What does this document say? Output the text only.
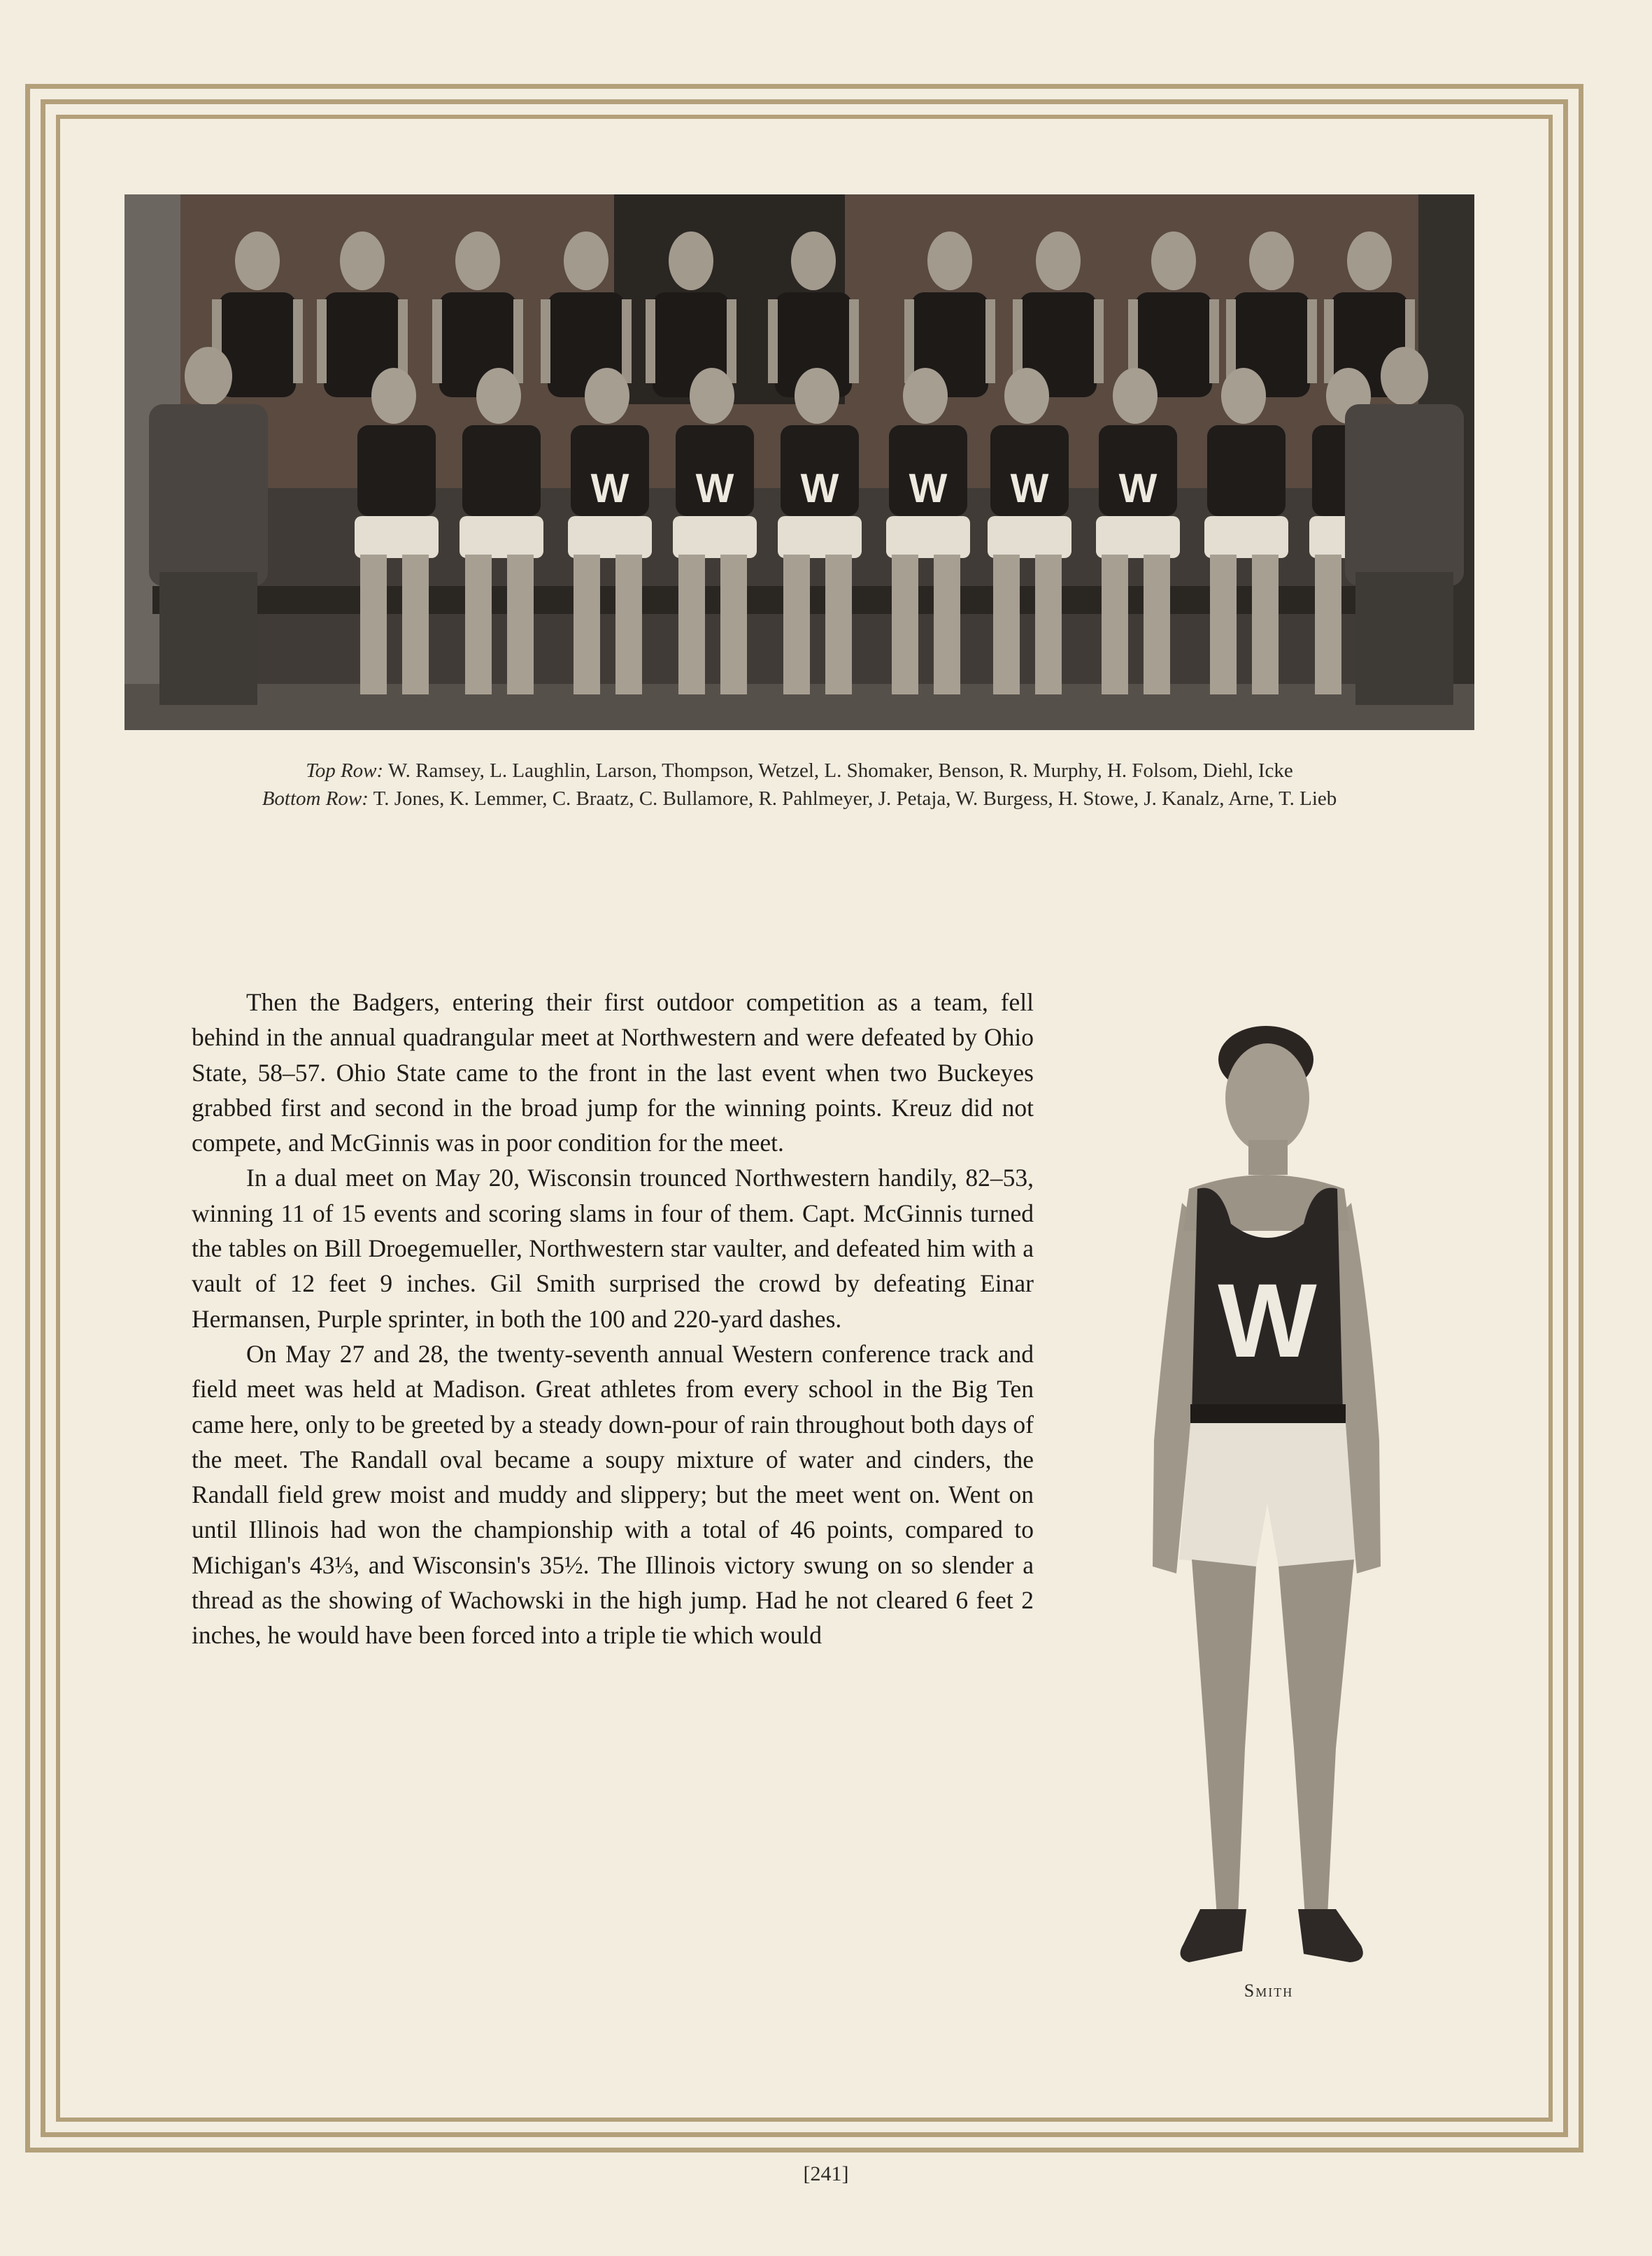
W W W W W W
Top Row: W. Ramsey, L. Laughlin, Larson, Thompson, Wetzel, L. Shomaker, Benson, R. Murphy, H. Folsom, Diehl, Icke
Bottom Row: T. Jones, K. Lemmer, C. Braatz, C. Bullamore, R. Pahlmeyer, J. Petaja, W. Burgess, H. Stowe, J. Kanalz, Arne, T. Lieb

Then the Badgers, entering their first outdoor competition as a team, fell behind in the annual quadrangular meet at Northwestern and were defeated by Ohio State, 58–57. Ohio State came to the front in the last event when two Buckeyes grabbed first and second in the broad jump for the winning points. Kreuz did not compete, and McGinnis was in poor condition for the meet.

In a dual meet on May 20, Wisconsin trounced Northwestern handily, 82–53, winning 11 of 15 events and scoring slams in four of them. Capt. McGinnis turned the tables on Bill Droegemueller, Northwestern star vaulter, and defeated him with a vault of 12 feet 9 inches. Gil Smith surprised the crowd by defeating Einar Hermansen, Purple sprinter, in both the 100 and 220-yard dashes.

On May 27 and 28, the twenty-seventh annual Western conference track and field meet was held at Madison. Great athletes from every school in the Big Ten came here, only to be greeted by a steady down-pour of rain throughout both days of the meet. The Randall oval became a soupy mixture of water and cinders, the Randall field grew moist and muddy and slippery; but the meet went on. Went on until Illinois had won the championship with a total of 46 points, compared to Michigan's 43⅓, and Wisconsin's 35½. The Illinois victory swung on so slender a thread as the showing of Wachowski in the high jump. Had he not cleared 6 feet 2 inches, he would have been forced into a triple tie which would

W
Smith
[241]
